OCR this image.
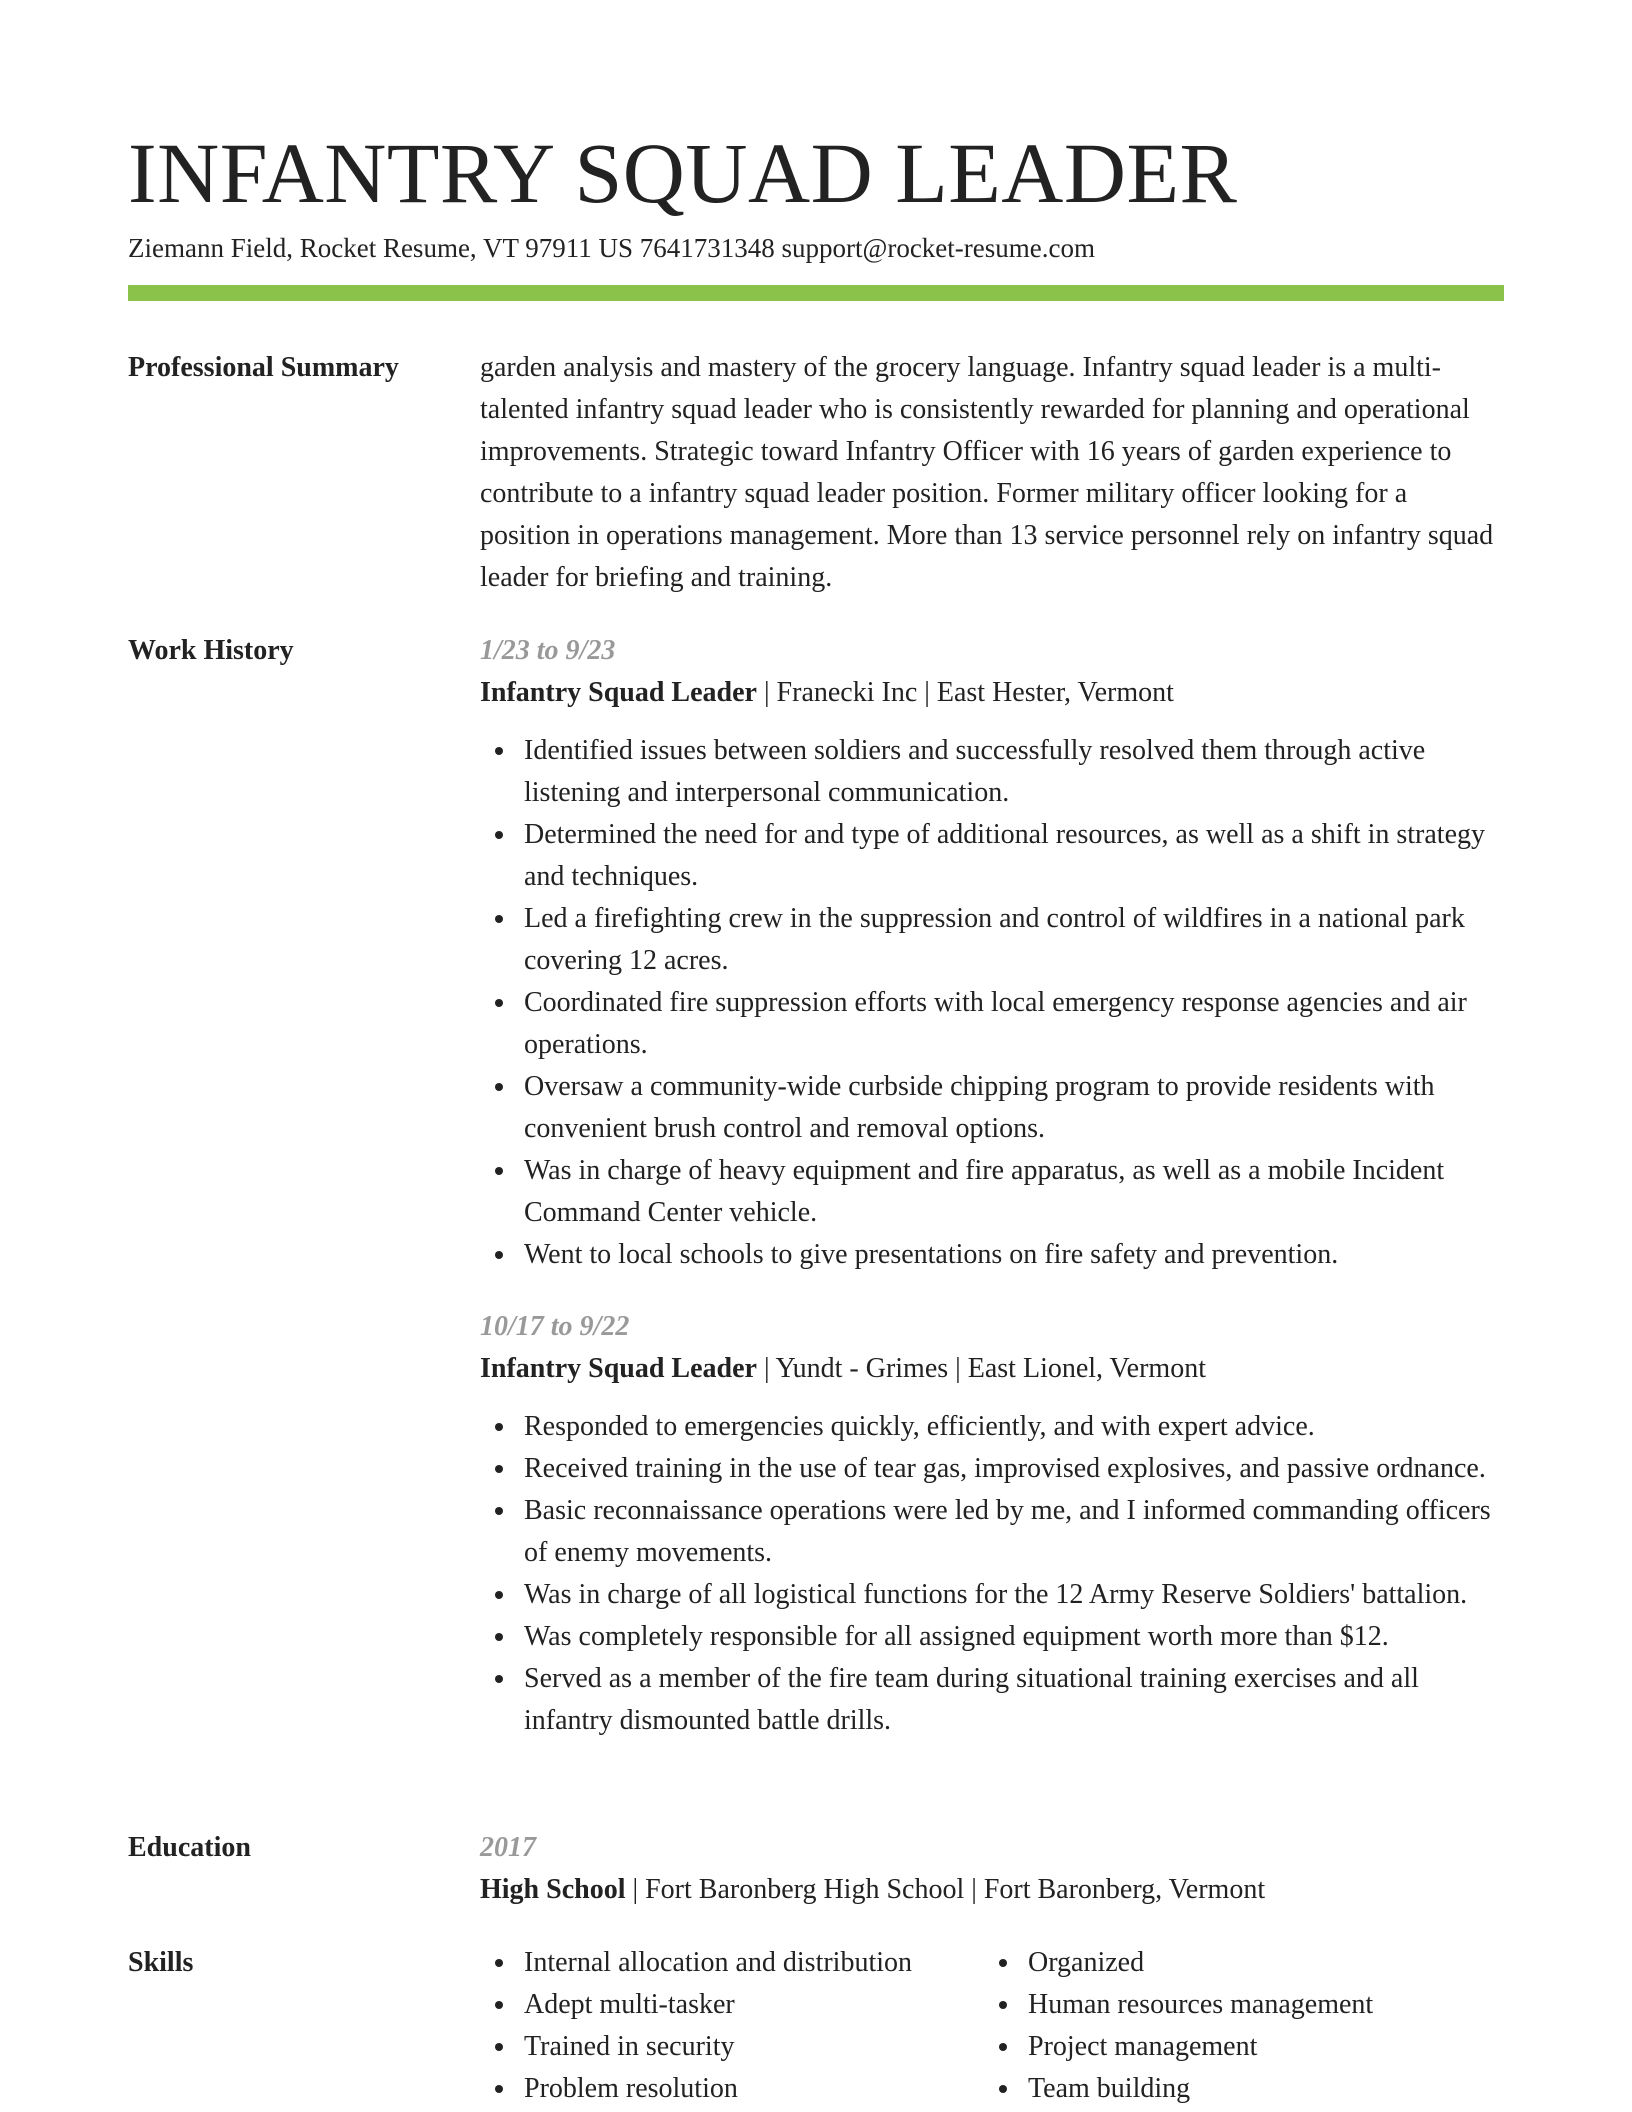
INFANTRY SQUAD LEADER
Ziemann Field, Rocket Resume, VT 97911 US 7641731348 support@rocket-resume.com
Professional Summary	garden analysis and mastery of the grocery language. Infantry squad leader is a multi-talented infantry squad leader who is consistently rewarded for planning and operational improvements. Strategic toward Infantry Officer with 16 years of garden experience to contribute to a infantry squad leader position. Former military officer looking for a position in operations management. More than 13 service personnel rely on infantry squad leader for briefing and training.

Work History	1/23 to 9/23
Infantry Squad Leader | Franecki Inc | East Hester, Vermont
Identified issues between soldiers and successfully resolved them through active listening and interpersonal communication.
Determined the need for and type of additional resources, as well as a shift in strategy and techniques.
Led a firefighting crew in the suppression and control of wildfires in a national park covering 12 acres.
Coordinated fire suppression efforts with local emergency response agencies and air operations.
Oversaw a community-wide curbside chipping program to provide residents with convenient brush control and removal options.
Was in charge of heavy equipment and fire apparatus, as well as a mobile Incident Command Center vehicle.
Went to local schools to give presentations on fire safety and prevention.
10/17 to 9/22
Infantry Squad Leader | Yundt - Grimes | East Lionel, Vermont
Responded to emergencies quickly, efficiently, and with expert advice.
Received training in the use of tear gas, improvised explosives, and passive ordnance.
Basic reconnaissance operations were led by me, and I informed commanding officers of enemy movements.
Was in charge of all logistical functions for the 12 Army Reserve Soldiers' battalion.
Was completely responsible for all assigned equipment worth more than $12.
Served as a member of the fire team during situational training exercises and all infantry dismounted battle drills.
Education	2017
High School | Fort Baronberg High School | Fort Baronberg, Vermont
Skills	Internal allocation and distribution
Adept multi-tasker
Trained in security
Problem resolution
Organized
Human resources management
Project management
Team building
